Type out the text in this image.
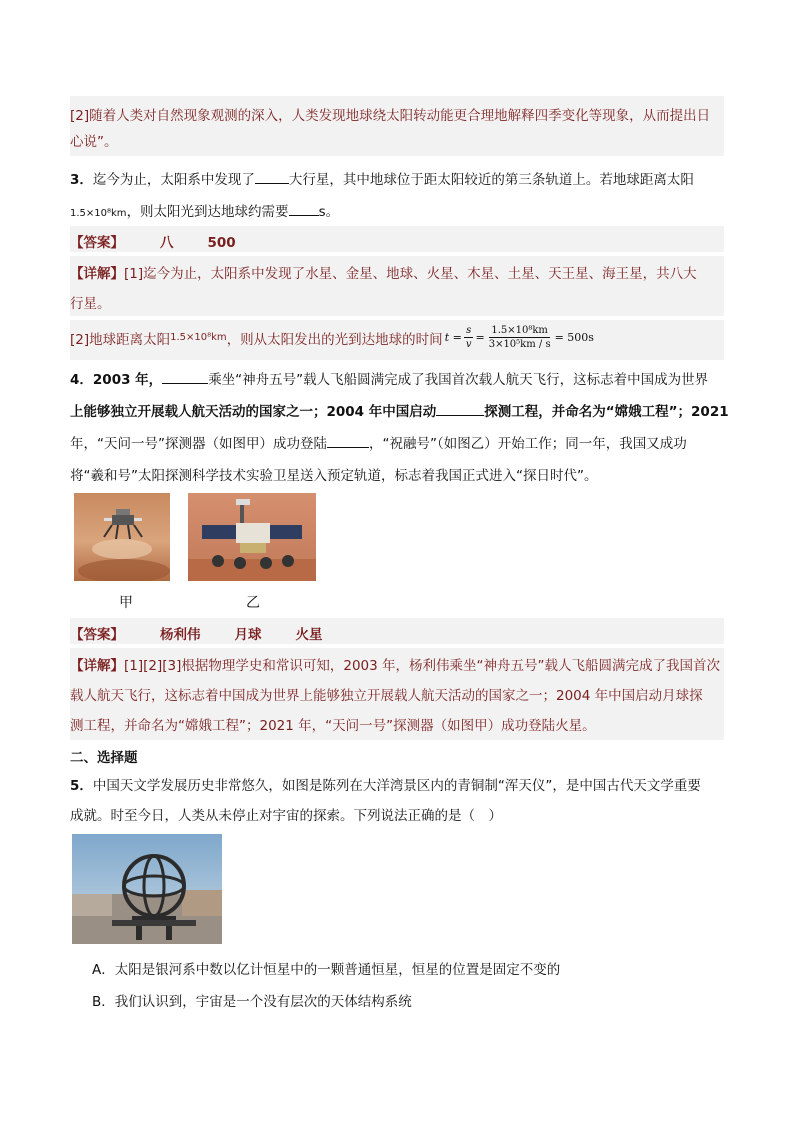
[2]随着人类对自然现象观测的深入，人类发现地球绕太阳转动能更合理地解释四季变化等现象，从而提出日
心说”。
3．迄今为止，太阳系中发现了	大行星，其中地球位于距太阳较近的第三条轨道上。若地球距离太阳
1.5×10⁸km，则太阳光到达地球约需要 s。
【答案】	八	500
【详解】[1]迄今为止，太阳系中发现了水星、金星、地球、火星、木星、土星、天王星、海王星，共八大
行星。
[2]地球距离太阳 1.5×10⁸km ，则从太阳发出的光到达地球的时间 $t = \frac{s}{v} = \frac{\text{1.5×10⁸km}}{\text{3×10⁵km / s}} = 500s$
4．2003 年，	乘坐“神舟五号”载人飞船圆满完成了我国首次载人航天飞行，这标志着中国成为世界
上能够独立开展载人航天活动的国家之一；2004 年中国启动	探测工程，并命名为“嫦娥工程”；2021
年，“天问一号”探测器（如图甲）成功登陆	，“祝融号”（如图乙）开始工作；同一年，我国又成功
将“羲和号”太阳探测科学技术实验卫星送入预定轨道，标志着我国正式进入“探日时代”。
甲	乙
【答案】	杨利伟	月球	火星
【详解】[1][2][3]根据物理学史和常识可知，2003 年，杨利伟乘坐“神舟五号”载人飞船圆满完成了我国首次
载人航天飞行，这标志着中国成为世界上能够独立开展载人航天活动的国家之一；2004 年中国启动月球探
测工程，并命名为“嫦娥工程”；2021 年，“天问一号”探测器（如图甲）成功登陆火星。
二、选择题
5．中国天文学发展历史非常悠久，如图是陈列在大洋湾景区内的青铜制“浑天仪”，是中国古代天文学重要
成就。时至今日，人类从未停止对宇宙的探索。下列说法正确的是（　）
A．太阳是银河系中数以亿计恒星中的一颗普通恒星，恒星的位置是固定不变的
B．我们认识到，宇宙是一个没有层次的天体结构系统
